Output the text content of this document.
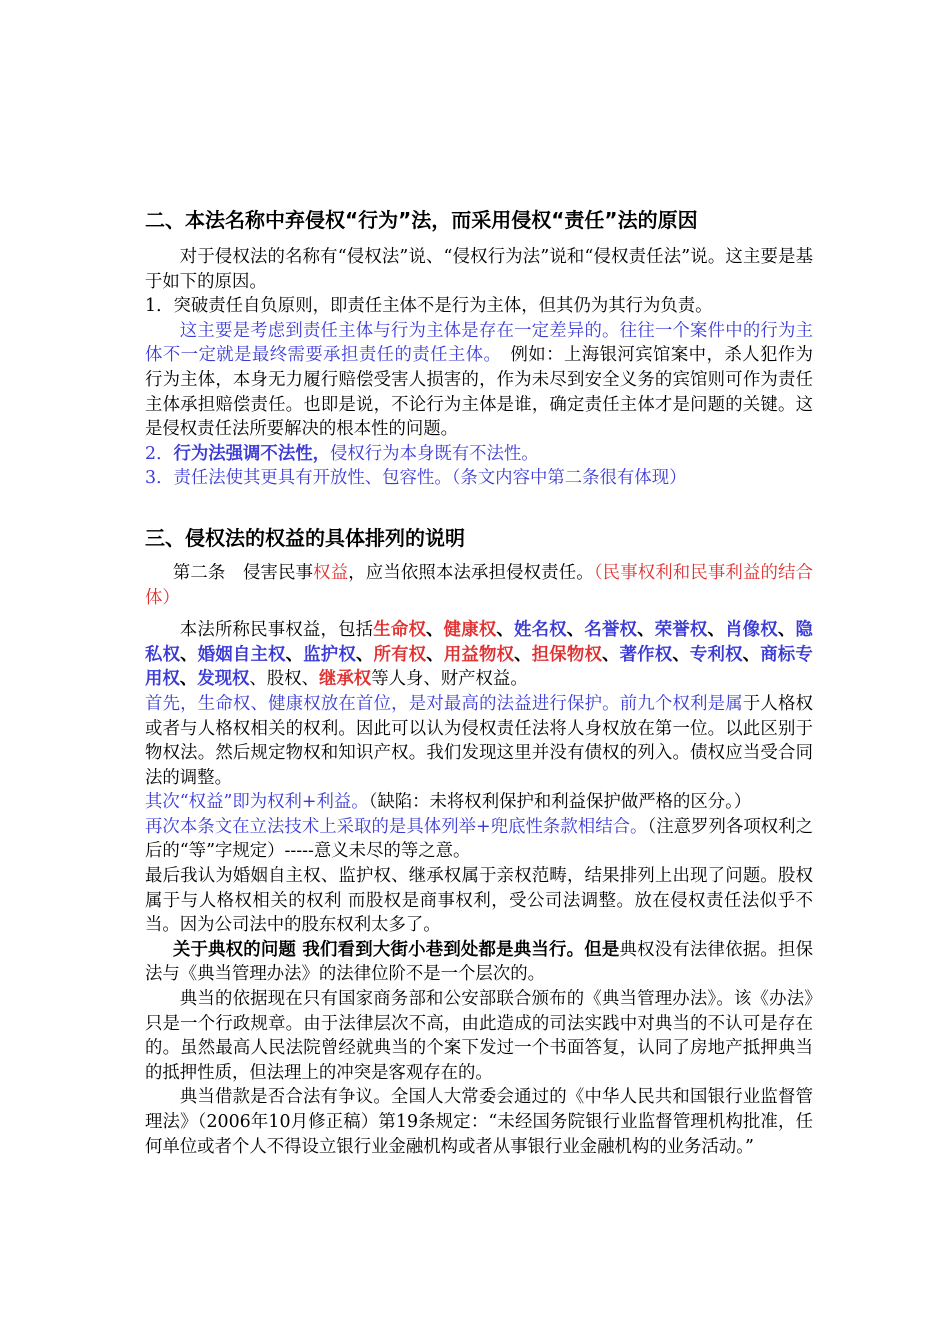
二、本法名称中弃侵权“行为”法，而采用侵权“责任”法的原因

对于侵权法的名称有“侵权法”说、“侵权行为法”说和“侵权责任法”说。这主要是基于如下的原因。

1．突破责任自负原则，即责任主体不是行为主体，但其仍为其行为负责。

这主要是考虑到责任主体与行为主体是存在一定差异的。往往一个案件中的行为主体不一定就是最终需要承担责任的责任主体。　例如：上海银河宾馆案中，杀人犯作为行为主体，本身无力履行赔偿受害人损害的，作为未尽到安全义务的宾馆则可作为责任主体承担赔偿责任。也即是说，不论行为主体是谁，确定责任主体才是问题的关键。这是侵权责任法所要解决的根本性的问题。

2．行为法强调不法性，侵权行为本身既有不法性。

3．责任法使其更具有开放性、包容性。（条文内容中第二条很有体现）

三、侵权法的权益的具体排列的说明

第二条　侵害民事权益，应当依照本法承担侵权责任。（民事权利和民事利益的结合体）

本法所称民事权益，包括生命权、健康权、姓名权、名誉权、荣誉权、肖像权、隐私权、婚姻自主权、监护权、所有权、用益物权、担保物权、著作权、专利权、商标专用权、发现权、股权、继承权等人身、财产权益。

首先，生命权、健康权放在首位，是对最高的法益进行保护。前九个权利是属于人格权或者与人格权相关的权利。因此可以认为侵权责任法将人身权放在第一位。以此区别于物权法。然后规定物权和知识产权。我们发现这里并没有债权的列入。债权应当受合同法的调整。

其次“权益”即为权利+利益。（缺陷：未将权利保护和利益保护做严格的区分。）

再次本条文在立法技术上采取的是具体列举+兜底性条款相结合。（注意罗列各项权利之后的“等”字规定）-----意义未尽的等之意。

最后我认为婚姻自主权、监护权、继承权属于亲权范畴，结果排列上出现了问题。股权属于与人格权相关的权利 而股权是商事权利，受公司法调整。放在侵权责任法似乎不当。因为公司法中的股东权利太多了。

关于典权的问题 我们看到大街小巷到处都是典当行。但是典权没有法律依据。担保法与《典当管理办法》的法律位阶不是一个层次的。

典当的依据现在只有国家商务部和公安部联合颁布的《典当管理办法》。该《办法》只是一个行政规章。由于法律层次不高，由此造成的司法实践中对典当的不认可是存在的。虽然最高人民法院曾经就典当的个案下发过一个书面答复，认同了房地产抵押典当的抵押性质，但法理上的冲突是客观存在的。

典当借款是否合法有争议。全国人大常委会通过的《中华人民共和国银行业监督管理法》（2006年10月修正稿）第19条规定：“未经国务院银行业监督管理机构批准，任何单位或者个人不得设立银行业金融机构或者从事银行业金融机构的业务活动。”
